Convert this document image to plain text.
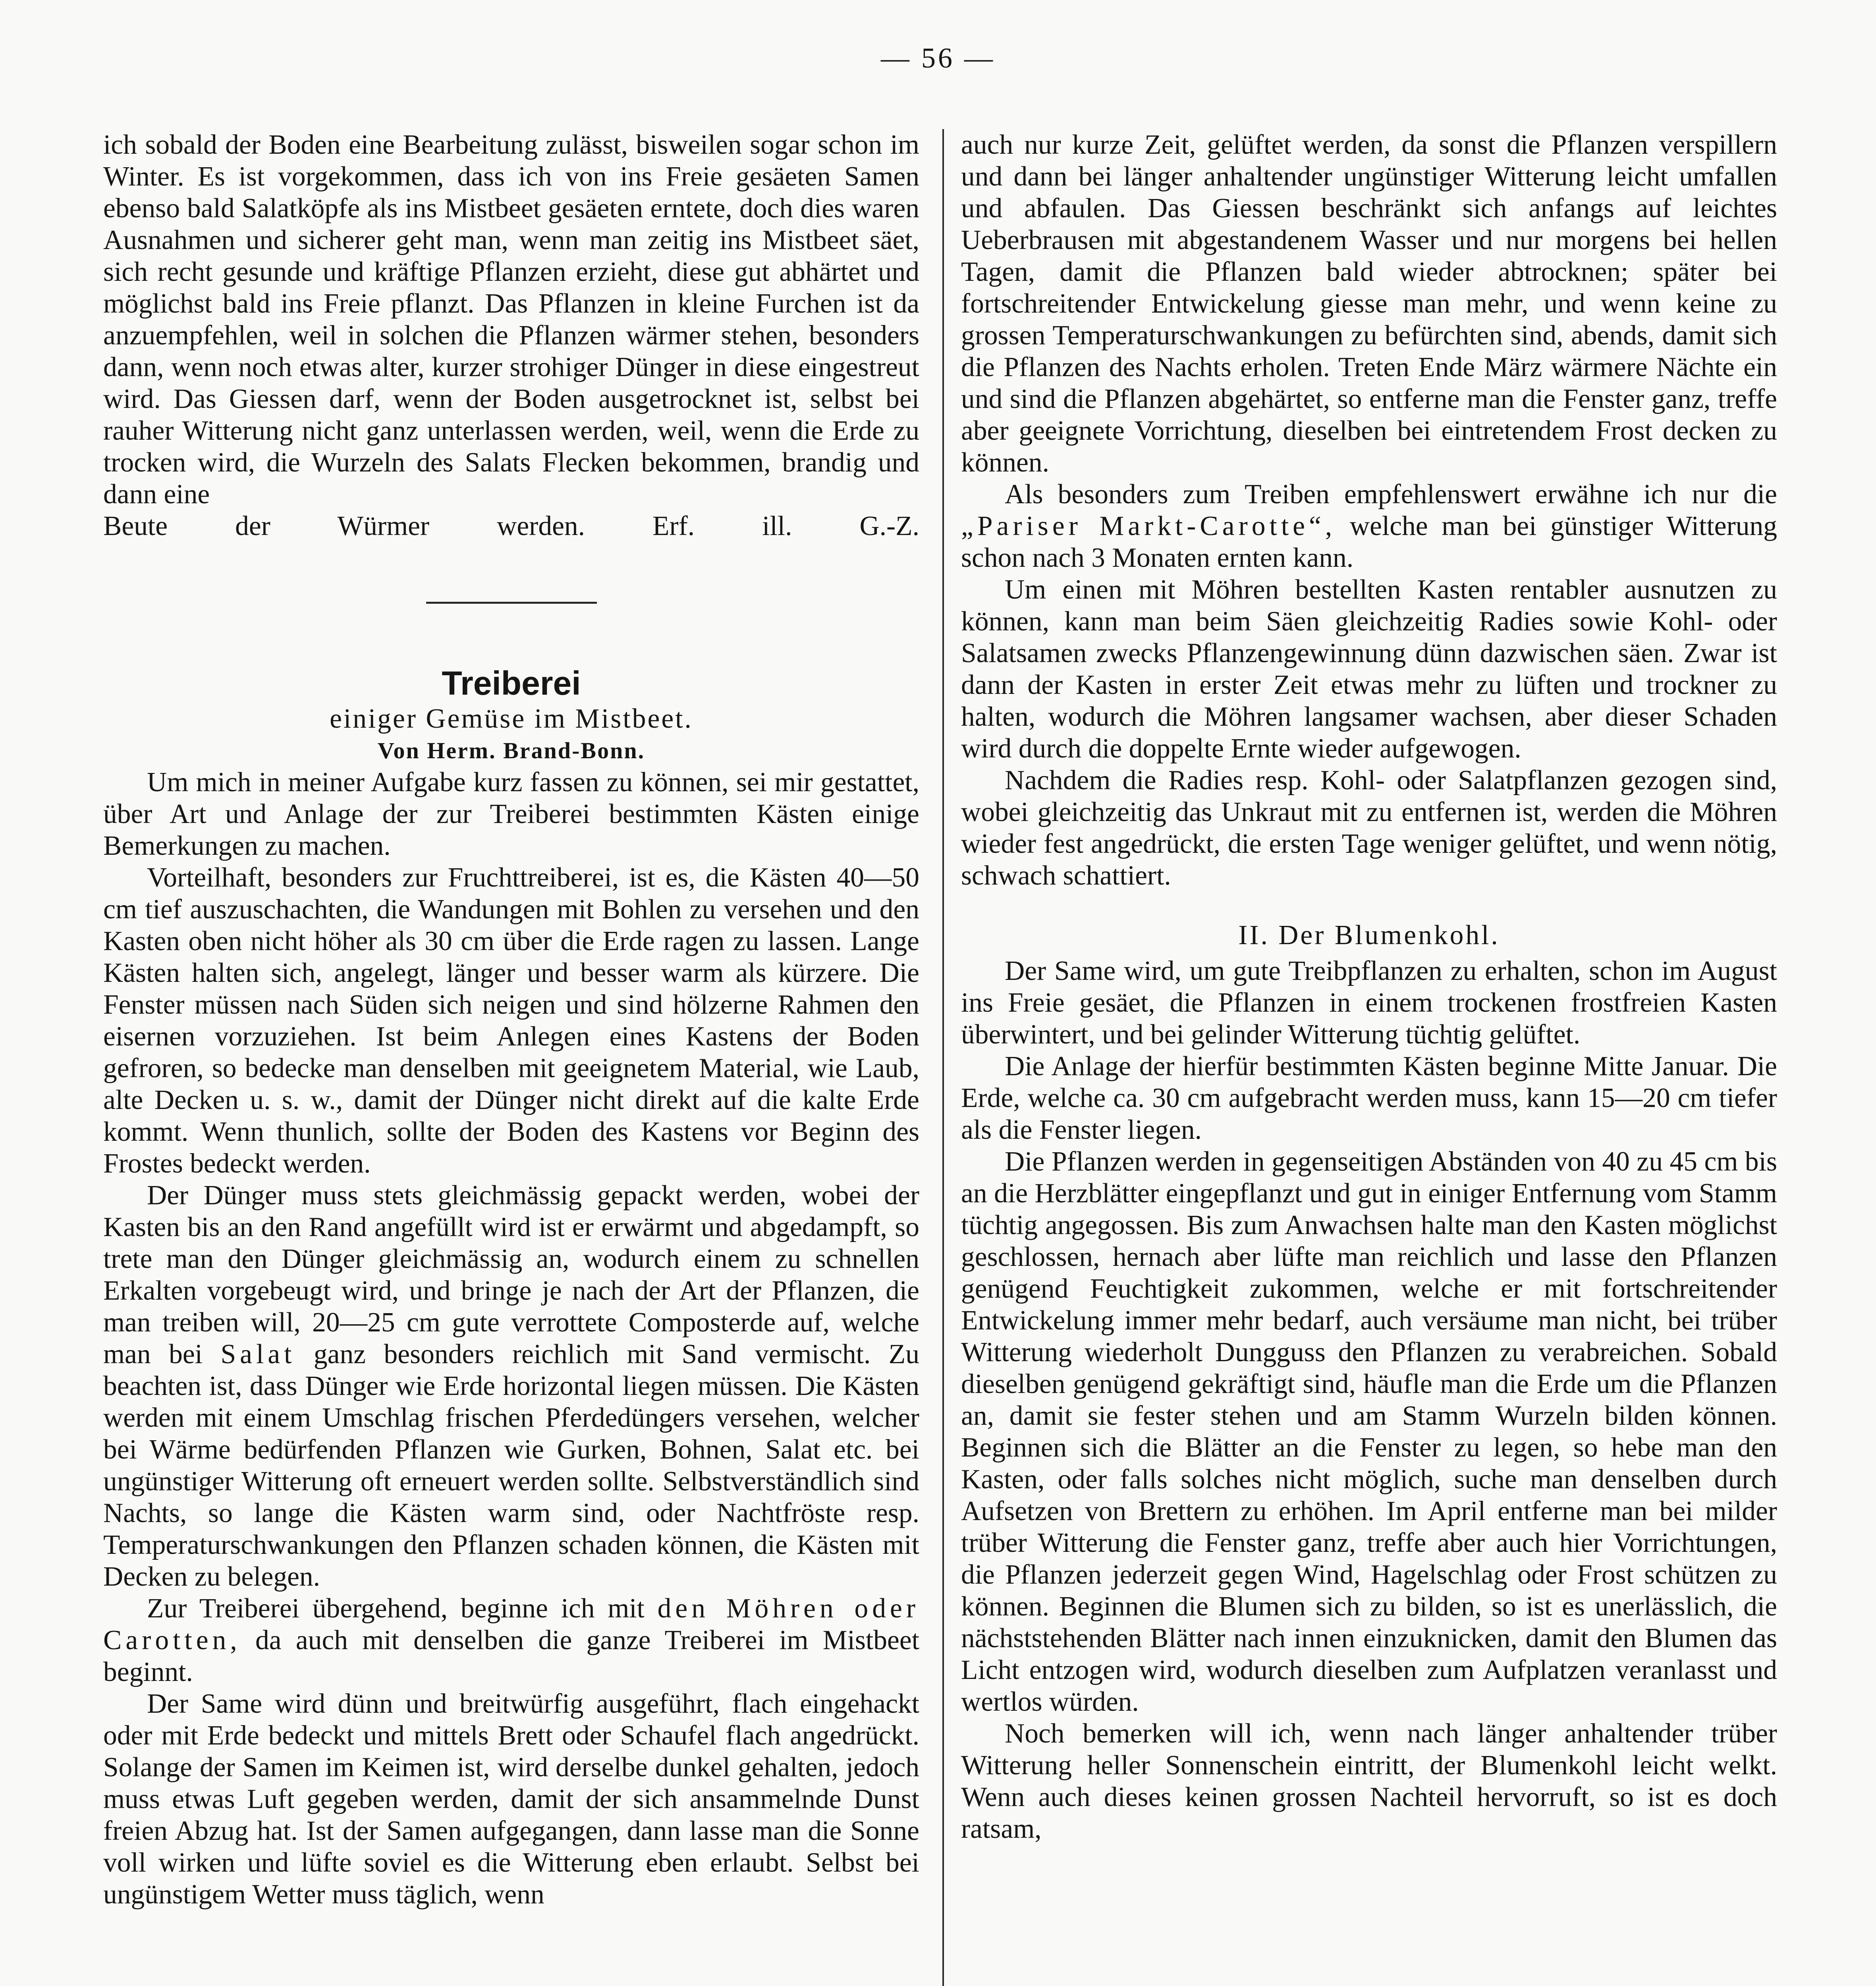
— 56 —

ich sobald der Boden eine Bearbeitung zulässt, bisweilen sogar schon im Winter. Es ist vorgekommen, dass ich von ins Freie gesäeten Samen ebenso bald Salatköpfe als ins Mistbeet gesäeten erntete, doch dies waren Ausnahmen und sicherer geht man, wenn man zeitig ins Mistbeet säet, sich recht gesunde und kräftige Pflanzen erzieht, diese gut abhärtet und möglichst bald ins Freie pflanzt. Das Pflanzen in kleine Furchen ist da anzuempfehlen, weil in solchen die Pflanzen wärmer stehen, besonders dann, wenn noch etwas alter, kurzer strohiger Dünger in diese eingestreut wird. Das Giessen darf, wenn der Boden ausgetrocknet ist, selbst bei rauher Witterung nicht ganz unterlassen werden, weil, wenn die Erde zu trocken wird, die Wurzeln des Salats Flecken bekommen, brandig und dann eine

Beute der Würmer werden. Erf. ill. G.-Z.

Treiberei

einiger Gemüse im Mistbeet.

Von Herm. Brand-Bonn.

Um mich in meiner Aufgabe kurz fassen zu können, sei mir gestattet, über Art und Anlage der zur Treiberei bestimmten Kästen einige Bemerkungen zu machen.

Vorteilhaft, besonders zur Fruchttreiberei, ist es, die Kästen 40—50 cm tief auszuschachten, die Wandungen mit Bohlen zu versehen und den Kasten oben nicht höher als 30 cm über die Erde ragen zu lassen. Lange Kästen halten sich, angelegt, länger und besser warm als kürzere. Die Fenster müssen nach Süden sich neigen und sind hölzerne Rahmen den eisernen vorzuziehen. Ist beim Anlegen eines Kastens der Boden gefroren, so bedecke man denselben mit geeignetem Material, wie Laub, alte Decken u. s. w., damit der Dünger nicht direkt auf die kalte Erde kommt. Wenn thunlich, sollte der Boden des Kastens vor Beginn des Frostes bedeckt werden.

Der Dünger muss stets gleichmässig gepackt werden, wobei der Kasten bis an den Rand angefüllt wird ist er erwärmt und abgedampft, so trete man den Dünger gleichmässig an, wodurch einem zu schnellen Erkalten vorgebeugt wird, und bringe je nach der Art der Pflanzen, die man treiben will, 20—25 cm gute verrottete Composterde auf, welche man bei Salat ganz besonders reichlich mit Sand vermischt. Zu beachten ist, dass Dünger wie Erde horizontal liegen müssen. Die Kästen werden mit einem Umschlag frischen Pferdedüngers versehen, welcher bei Wärme bedürfenden Pflanzen wie Gurken, Bohnen, Salat etc. bei ungünstiger Witterung oft erneuert werden sollte. Selbstverständlich sind Nachts, so lange die Kästen warm sind, oder Nachtfröste resp. Temperaturschwankungen den Pflanzen schaden können, die Kästen mit Decken zu belegen.

Zur Treiberei übergehend, beginne ich mit den Möhren oder Carotten, da auch mit denselben die ganze Treiberei im Mistbeet beginnt.

Der Same wird dünn und breitwürfig ausgeführt, flach eingehackt oder mit Erde bedeckt und mittels Brett oder Schaufel flach angedrückt. Solange der Samen im Keimen ist, wird derselbe dunkel gehalten, jedoch muss etwas Luft gegeben werden, damit der sich ansammelnde Dunst freien Abzug hat. Ist der Samen aufgegangen, dann lasse man die Sonne voll wirken und lüfte soviel es die Witterung eben erlaubt. Selbst bei ungünstigem Wetter muss täglich, wenn

auch nur kurze Zeit, gelüftet werden, da sonst die Pflanzen verspillern und dann bei länger anhaltender ungünstiger Witterung leicht umfallen und abfaulen. Das Giessen beschränkt sich anfangs auf leichtes Ueberbrausen mit abgestandenem Wasser und nur morgens bei hellen Tagen, damit die Pflanzen bald wieder abtrocknen; später bei fortschreitender Entwickelung giesse man mehr, und wenn keine zu grossen Temperaturschwankungen zu befürchten sind, abends, damit sich die Pflanzen des Nachts erholen. Treten Ende März wärmere Nächte ein und sind die Pflanzen abgehärtet, so entferne man die Fenster ganz, treffe aber geeignete Vorrichtung, dieselben bei eintretendem Frost decken zu können.

Als besonders zum Treiben empfehlenswert erwähne ich nur die „Pariser Markt-Carotte“, welche man bei günstiger Witterung schon nach 3 Monaten ernten kann.

Um einen mit Möhren bestellten Kasten rentabler ausnutzen zu können, kann man beim Säen gleichzeitig Radies sowie Kohl- oder Salatsamen zwecks Pflanzengewinnung dünn dazwischen säen. Zwar ist dann der Kasten in erster Zeit etwas mehr zu lüften und trockner zu halten, wodurch die Möhren langsamer wachsen, aber dieser Schaden wird durch die doppelte Ernte wieder aufgewogen.

Nachdem die Radies resp. Kohl- oder Salatpflanzen gezogen sind, wobei gleichzeitig das Unkraut mit zu entfernen ist, werden die Möhren wieder fest angedrückt, die ersten Tage weniger gelüftet, und wenn nötig, schwach schattiert.

II. Der Blumenkohl.

Der Same wird, um gute Treibpflanzen zu erhalten, schon im August ins Freie gesäet, die Pflanzen in einem trockenen frostfreien Kasten überwintert, und bei gelinder Witterung tüchtig gelüftet.

Die Anlage der hierfür bestimmten Kästen beginne Mitte Januar. Die Erde, welche ca. 30 cm aufgebracht werden muss, kann 15—20 cm tiefer als die Fenster liegen.

Die Pflanzen werden in gegenseitigen Abständen von 40 zu 45 cm bis an die Herzblätter eingepflanzt und gut in einiger Entfernung vom Stamm tüchtig angegossen. Bis zum Anwachsen halte man den Kasten möglichst geschlossen, hernach aber lüfte man reichlich und lasse den Pflanzen genügend Feuchtigkeit zukommen, welche er mit fortschreitender Entwickelung immer mehr bedarf, auch versäume man nicht, bei trüber Witterung wiederholt Dungguss den Pflanzen zu verabreichen. Sobald dieselben genügend gekräftigt sind, häufle man die Erde um die Pflanzen an, damit sie fester stehen und am Stamm Wurzeln bilden können. Beginnen sich die Blätter an die Fenster zu legen, so hebe man den Kasten, oder falls solches nicht möglich, suche man denselben durch Aufsetzen von Brettern zu erhöhen. Im April entferne man bei milder trüber Witterung die Fenster ganz, treffe aber auch hier Vorrichtungen, die Pflanzen jederzeit gegen Wind, Hagelschlag oder Frost schützen zu können. Beginnen die Blumen sich zu bilden, so ist es unerlässlich, die nächststehenden Blätter nach innen einzuknicken, damit den Blumen das Licht entzogen wird, wodurch dieselben zum Aufplatzen veranlasst und wertlos würden.

Noch bemerken will ich, wenn nach länger anhaltender trüber Witterung heller Sonnenschein eintritt, der Blumenkohl leicht welkt. Wenn auch dieses keinen grossen Nachteil hervorruft, so ist es doch ratsam,
